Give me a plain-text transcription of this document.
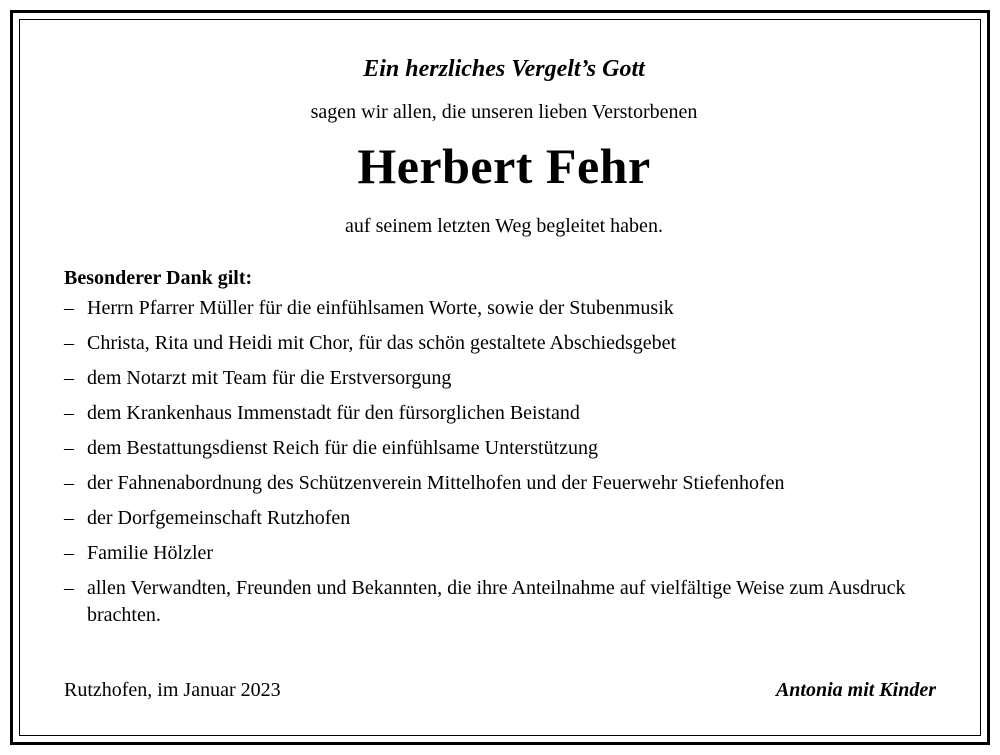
Ein herzliches Vergelt’s Gott

sagen wir allen, die unseren lieben Verstorbenen

Herbert Fehr

auf seinem letzten Weg begleitet haben.

Besonderer Dank gilt:

– Herrn Pfarrer Müller für die einfühlsamen Worte, sowie der Stubenmusik
– Christa, Rita und Heidi mit Chor, für das schön gestaltete Abschiedsgebet
– dem Notarzt mit Team für die Erstversorgung
– dem Krankenhaus Immenstadt für den fürsorglichen Beistand
– dem Bestattungsdienst Reich für die einfühlsame Unterstützung
– der Fahnenabordnung des Schützenverein Mittelhofen und der Feuerwehr Stiefenhofen
– der Dorfgemeinschaft Rutzhofen
– Familie Hölzler
– allen Verwandten, Freunden und Bekannten, die ihre Anteilnahme auf vielfältige Weise zum Ausdruck brachten.
Rutzhofen, im Januar 2023	Antonia mit Kinder
